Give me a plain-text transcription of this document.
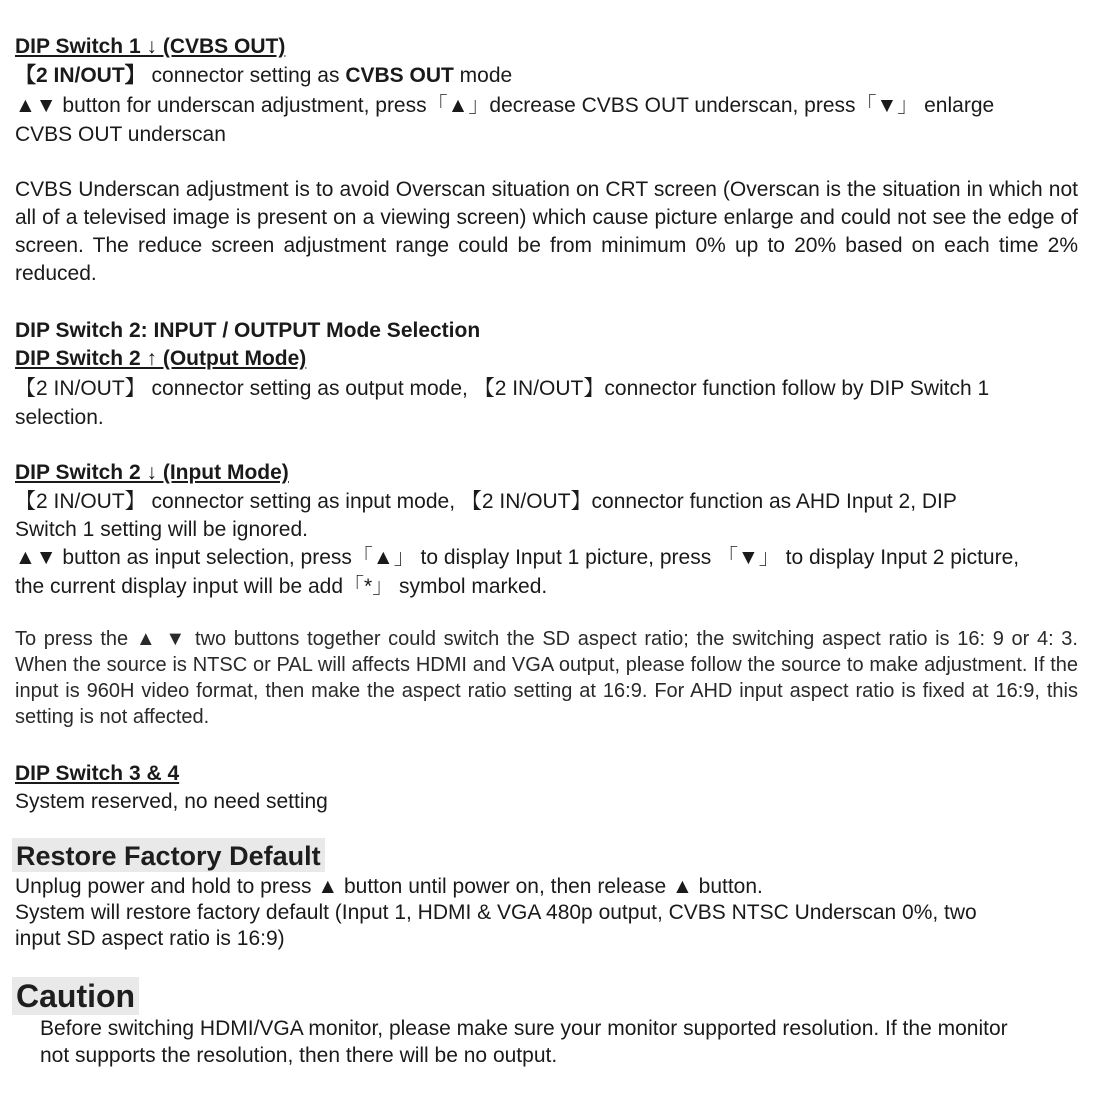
DIP Switch 1 ↓ (CVBS OUT)
【2 IN/OUT】 connector setting as CVBS OUT mode
▲▼ button for underscan adjustment, press「▲」decrease CVBS OUT underscan, press「▼」 enlarge
CVBS OUT underscan
CVBS Underscan adjustment is to avoid Overscan situation on CRT screen (Overscan is the situation in which not all of a televised image is present on a viewing screen) which cause picture enlarge and could not see the edge of screen. The reduce screen adjustment range could be from minimum 0% up to 20% based on each time 2% reduced.
DIP Switch 2: INPUT / OUTPUT Mode Selection
DIP Switch 2 ↑ (Output Mode)
【2 IN/OUT】 connector setting as output mode, 【2 IN/OUT】connector function follow by DIP Switch 1
selection.
DIP Switch 2 ↓ (Input Mode)
【2 IN/OUT】 connector setting as input mode, 【2 IN/OUT】connector function as AHD Input 2, DIP
Switch 1 setting will be ignored.
▲▼ button as input selection, press「▲」 to display Input 1 picture, press 「▼」 to display Input 2 picture,
the current display input will be add「*」 symbol marked.
To press the ▲ ▼ two buttons together could switch the SD aspect ratio; the switching aspect ratio is 16: 9 or 4: 3. When the source is NTSC or PAL will affects HDMI and VGA output, please follow the source to make adjustment. If the input is 960H video format, then make the aspect ratio setting at 16:9. For AHD input aspect ratio is fixed at 16:9, this setting is not affected.
DIP Switch 3 & 4
System reserved, no need setting
Restore Factory Default
Unplug power and hold to press ▲ button until power on, then release ▲ button.
System will restore factory default (Input 1, HDMI & VGA 480p output, CVBS NTSC Underscan 0%, two
input SD aspect ratio is 16:9)
Caution
Before switching HDMI/VGA monitor, please make sure your monitor supported resolution. If the monitor
not supports the resolution, then there will be no output.
